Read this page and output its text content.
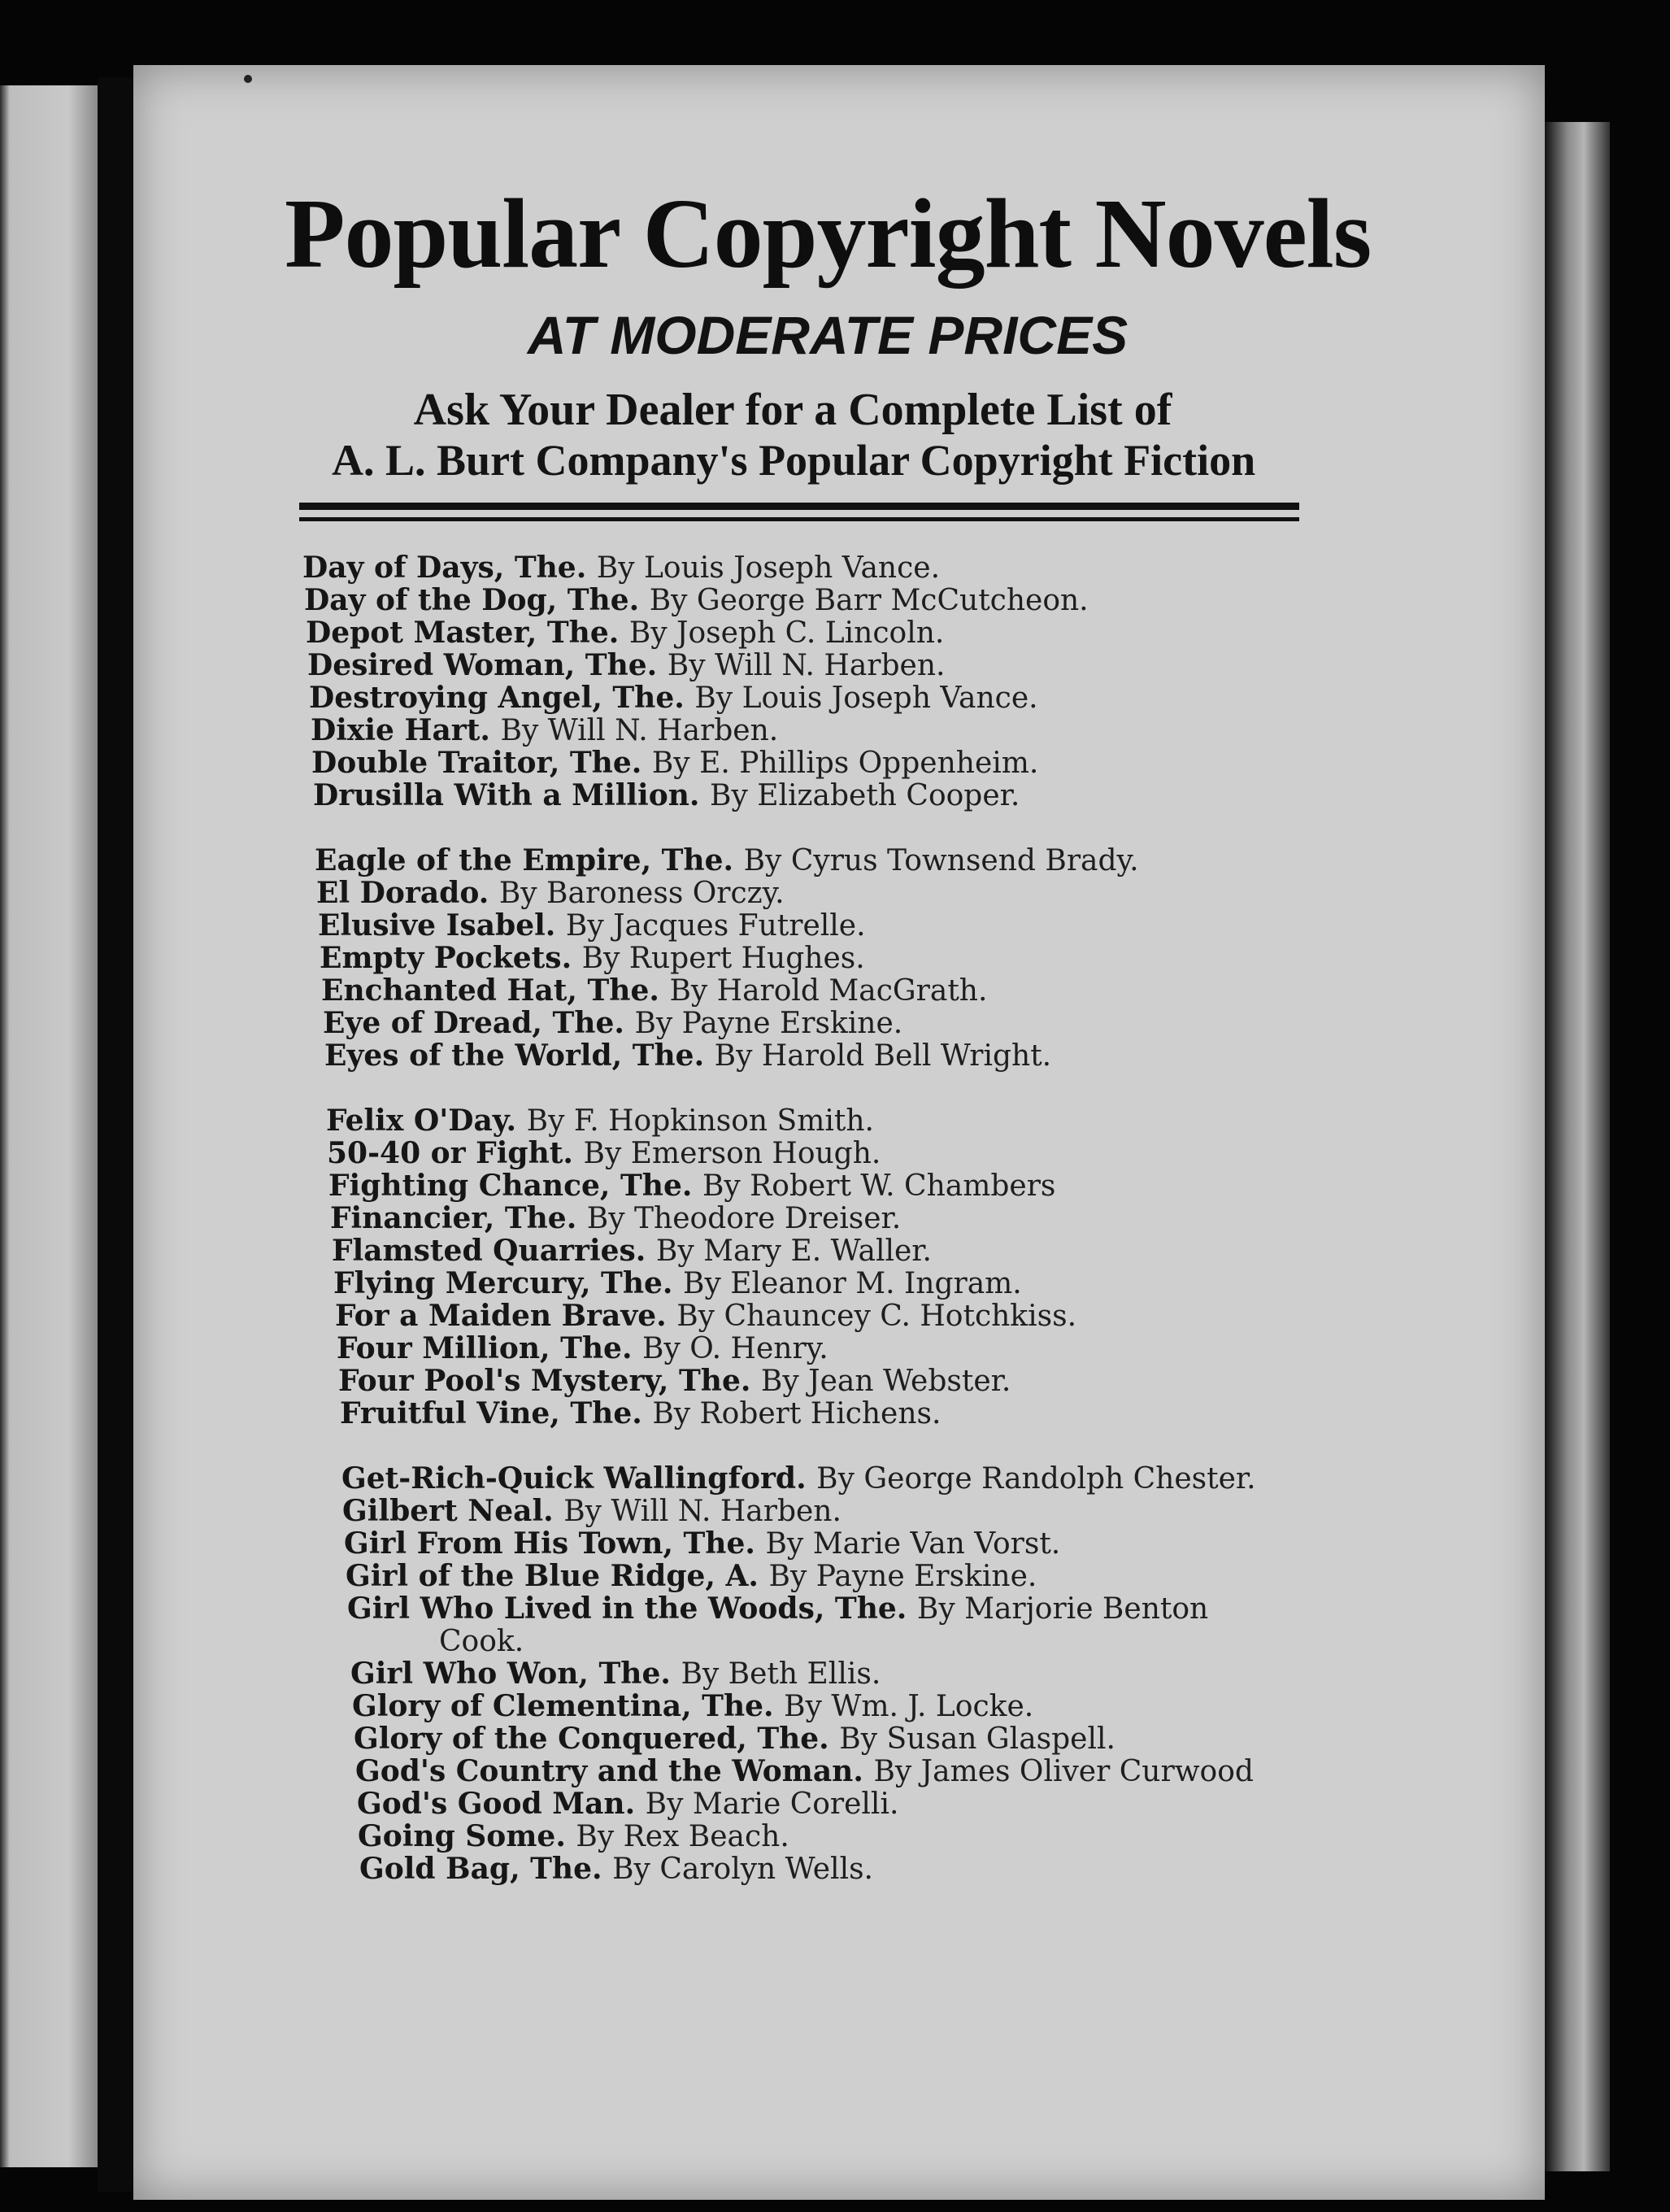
Popular Copyright Novels
AT MODERATE PRICES
Ask Your Dealer for a Complete List of
A. L. Burt Company's Popular Copyright Fiction
Day of Days, The. By Louis Joseph Vance.
Day of the Dog, The. By George Barr McCutcheon.
Depot Master, The. By Joseph C. Lincoln.
Desired Woman, The. By Will N. Harben.
Destroying Angel, The. By Louis Joseph Vance.
Dixie Hart. By Will N. Harben.
Double Traitor, The. By E. Phillips Oppenheim.
Drusilla With a Million. By Elizabeth Cooper.
Eagle of the Empire, The. By Cyrus Townsend Brady.
El Dorado. By Baroness Orczy.
Elusive Isabel. By Jacques Futrelle.
Empty Pockets. By Rupert Hughes.
Enchanted Hat, The. By Harold MacGrath.
Eye of Dread, The. By Payne Erskine.
Eyes of the World, The. By Harold Bell Wright.
Felix O'Day. By F. Hopkinson Smith.
50-40 or Fight. By Emerson Hough.
Fighting Chance, The. By Robert W. Chambers
Financier, The. By Theodore Dreiser.
Flamsted Quarries. By Mary E. Waller.
Flying Mercury, The. By Eleanor M. Ingram.
For a Maiden Brave. By Chauncey C. Hotchkiss.
Four Million, The. By O. Henry.
Four Pool's Mystery, The. By Jean Webster.
Fruitful Vine, The. By Robert Hichens.
Get-Rich-Quick Wallingford. By George Randolph Chester.
Gilbert Neal. By Will N. Harben.
Girl From His Town, The. By Marie Van Vorst.
Girl of the Blue Ridge, A. By Payne Erskine.
Girl Who Lived in the Woods, The. By Marjorie Benton
Cook.
Girl Who Won, The. By Beth Ellis.
Glory of Clementina, The. By Wm. J. Locke.
Glory of the Conquered, The. By Susan Glaspell.
God's Country and the Woman. By James Oliver Curwood
God's Good Man. By Marie Corelli.
Going Some. By Rex Beach.
Gold Bag, The. By Carolyn Wells.
